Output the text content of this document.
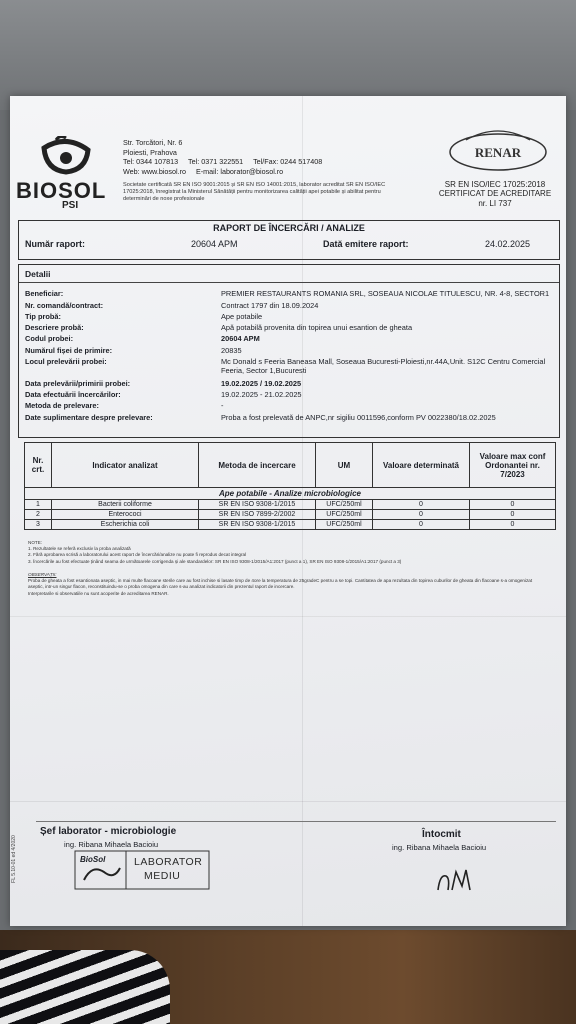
BIOSOL
PSI
Str. Torcători, Nr. 6
Ploiesti, Prahova
Tel: 0344 107813 Tel: 0371 322551 Tel/Fax: 0244 517408
Web: www.biosol.ro E-mail: laborator@biosol.ro
Societate certificată SR EN ISO 9001:2015 și SR EN ISO 14001:2015, laborator acreditat SR EN ISO/IEC 17025:2018, înregistrat la Ministerul Sănătății pentru monitorizarea calității apei potabile și abilitat pentru determinări de noxe profesionale
RENAR
SR EN ISO/IEC 17025:2018
CERTIFICAT DE ACREDITARE
nr. LI 737
RAPORT DE ÎNCERCĂRI / ANALIZE
Număr raport:	20604 APM	Dată emitere raport:	24.02.2025
Detalii
Beneficiar:	PREMIER RESTAURANTS ROMANIA SRL, SOSEAUA NICOLAE TITULESCU, NR. 4-8, SECTOR1
Nr. comandă/contract:	Contract 1797 din 18.09.2024
Tip probă:	Ape potabile
Descriere probă:	Apă potabilă provenita din topirea unui esantion de gheata
Codul probei:	20604 APM
Numărul fișei de primire:	20835
Locul prelevării probei:	Mc Donald s Feeria Baneasa Mall, Soseaua Bucuresti-Ploiesti,nr.44A,Unit. S12C Centru Comercial Feeria, Sector 1,Bucuresti
Data prelevării/primirii probei:	19.02.2025 / 19.02.2025
Data efectuării încercărilor:	19.02.2025 - 21.02.2025
Metoda de prelevare:	-
Date suplimentare despre prelevare:	Proba a fost prelevată de ANPC,nr sigiliu 0011596,conform PV 0022380/18.02.2025
Nr. crt.	Indicator analizat	Metoda de incercare	UM	Valoare determinată	Valoare max conf Ordonantei nr. 7/2023
Ape potabile - Analize microbiologice					
1	Bacterii coliforme	SR EN ISO 9308-1/2015	UFC/250ml	0	0
2	Enterococi	SR EN ISO 7899-2/2002	UFC/250ml	0	0
3	Escherichia coli	SR EN ISO 9308-1/2015	UFC/250ml	0	0
NOTE:
1. Rezultatele se referă exclusiv la proba analizată
2. Fără aprobarea scrisă a laboratorului acest raport de încercări/analize nu poate fi reprodus decat integral
3. Încercările au fost efectuate ținând seama de următoarele corrigenda și ale standardelor: SR EN ISO 9308-1/2015/A1:2017 (punct a 1), SR EN ISO 9308-1/2015/A1:2017 (punct a 3)
OBSERVAȚII:
Proba de gheata a fost esantionata aseptic, in mai multe flacoane sterile care au fost inchise si lasate timp de 4ore la temperatura de 25gradeC pentru a se topi. Cantitatea de apa rezultata din topirea cuburilor de gheata din flacoane s-a omogenizat aseptic, intr-un singur flacon, reconstituindu-se o proba omogena din care s-au analizat indicatorii din prezentul raport de incercare.
Interpretarile si observatiile nu sunt acoperite de acreditarea RENAR.
Șef laborator - microbiologie
ing. Ribana Mihaela Bacioiu
BioSol	LABORATOR
MEDIU
Întocmit
ing. Ribana Mihaela Bacioiu
FL 5.10-01 ed 4/2020
